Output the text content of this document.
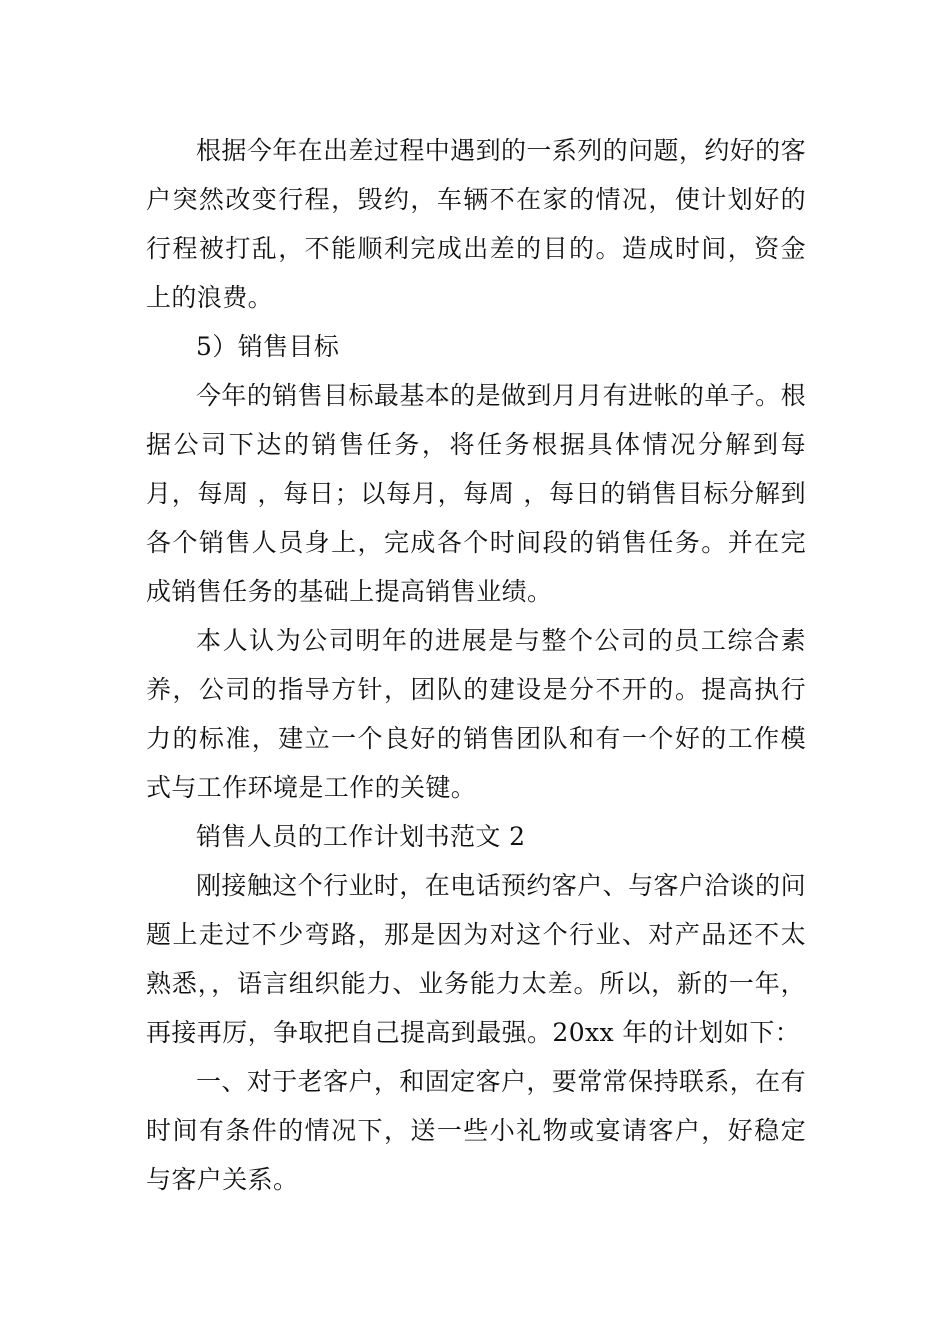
根据今年在出差过程中遇到的一系列的问题，约好的客户突然改变行程，毁约，车辆不在家的情况，使计划好的行程被打乱，不能顺利完成出差的目的。造成时间，资金上的浪费。

5）销售目标

今年的销售目标最基本的是做到月月有进帐的单子。根据公司下达的销售任务，将任务根据具体情况分解到每月，每周 ，每日；以每月，每周 ，每日的销售目标分解到各个销售人员身上，完成各个时间段的销售任务。并在完成销售任务的基础上提高销售业绩。

本人认为公司明年的进展是与整个公司的员工综合素养，公司的指导方针，团队的建设是分不开的。提高执行力的标准，建立一个良好的销售团队和有一个好的工作模式与工作环境是工作的关键。

销售人员的工作计划书范文 2

刚接触这个行业时，在电话预约客户、与客户洽谈的问题上走过不少弯路，那是因为对这个行业、对产品还不太熟悉，，语言组织能力、业务能力太差。所以，新的一年，再接再厉，争取把自己提高到最强。20xx 年的计划如下：

一、对于老客户，和固定客户，要常常保持联系，在有时间有条件的情况下，送一些小礼物或宴请客户，好稳定与客户关系。
